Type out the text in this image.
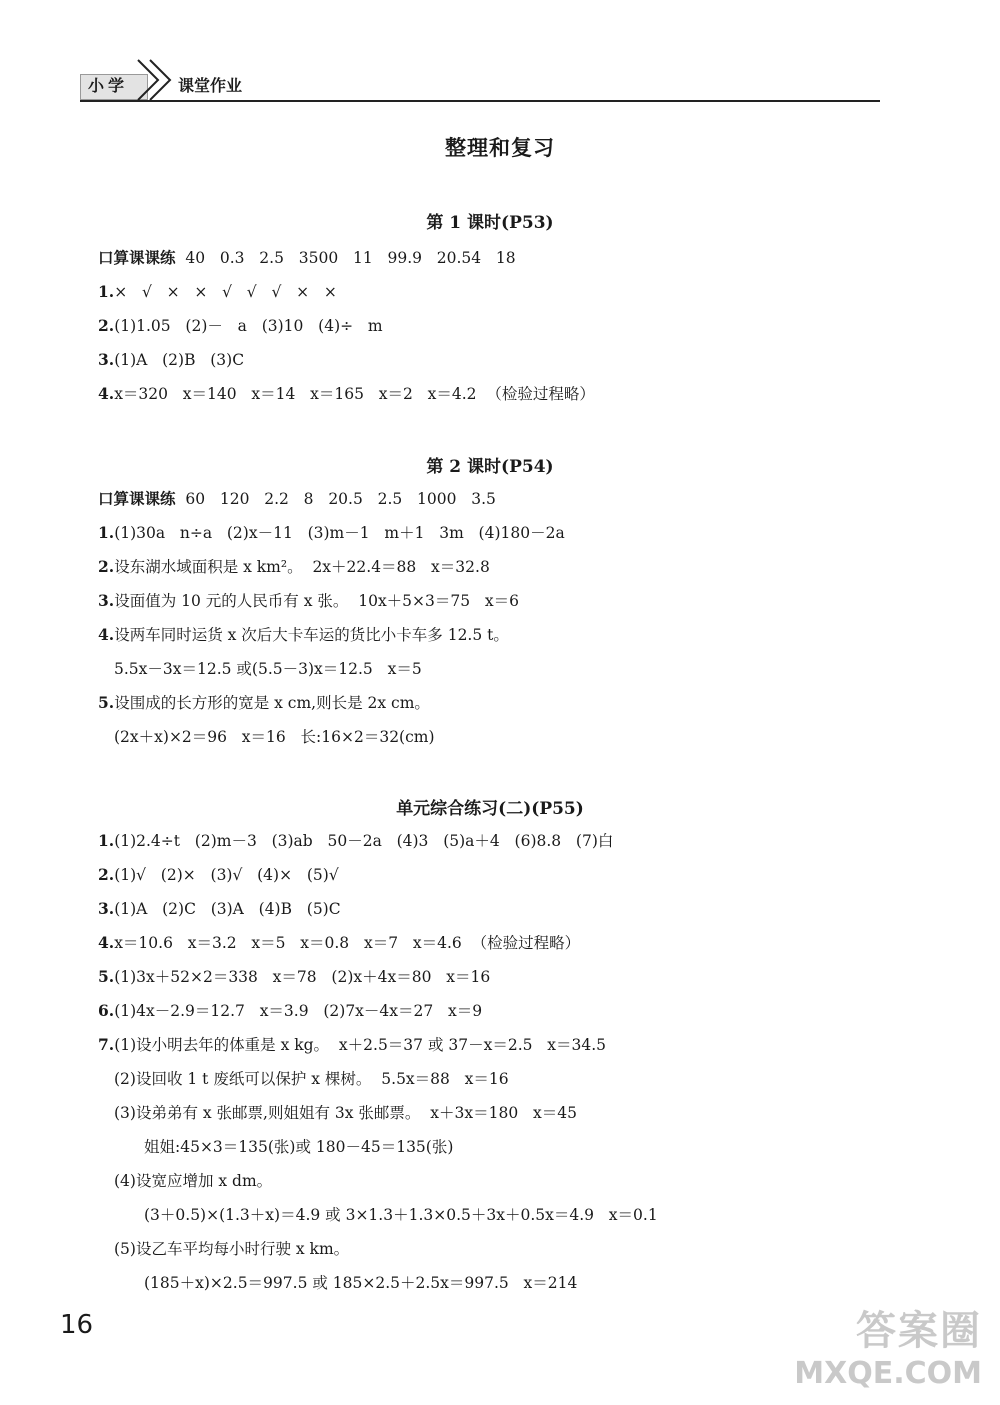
小学	课堂作业
整理和复习
第 1 课时(P53)
口算课课练  40   0.3   2.5   3500   11   99.9   20.54   18
1.×   √   ×   ×   √   √   √   ×   ×
2.(1)1.05   (2)－   a   (3)10   (4)÷   m
3.(1)A   (2)B   (3)C
4.x＝320   x＝140   x＝14   x＝165   x＝2   x＝4.2  （检验过程略）
第 2 课时(P54)
口算课课练  60   120   2.2   8   20.5   2.5   1000   3.5
1.(1)30a   n÷a   (2)x－11   (3)m－1   m＋1   3m   (4)180－2a
2.设东湖水域面积是 x km²。  2x＋22.4＝88   x＝32.8
3.设面值为 10 元的人民币有 x 张。  10x＋5×3＝75   x＝6
4.设两车同时运货 x 次后大卡车运的货比小卡车多 12.5 t。
5.5x－3x＝12.5 或(5.5－3)x＝12.5   x＝5
5.设围成的长方形的宽是 x cm,则长是 2x cm。
(2x＋x)×2＝96   x＝16   长:16×2＝32(cm)
单元综合练习(二)(P55)
1.(1)2.4÷t   (2)m－3   (3)ab   50－2a   (4)3   (5)a＋4   (6)8.8   (7)白
2.(1)√   (2)×   (3)√   (4)×   (5)√
3.(1)A   (2)C   (3)A   (4)B   (5)C
4.x＝10.6   x＝3.2   x＝5   x＝0.8   x＝7   x＝4.6  （检验过程略）
5.(1)3x＋52×2＝338   x＝78   (2)x＋4x＝80   x＝16
6.(1)4x－2.9＝12.7   x＝3.9   (2)7x－4x＝27   x＝9
7.(1)设小明去年的体重是 x kg。  x＋2.5＝37 或 37－x＝2.5   x＝34.5
(2)设回收 1 t 废纸可以保护 x 棵树。  5.5x＝88   x＝16
(3)设弟弟有 x 张邮票,则姐姐有 3x 张邮票。  x＋3x＝180   x＝45
姐姐:45×3＝135(张)或 180－45＝135(张)
(4)设宽应增加 x dm。
(3＋0.5)×(1.3＋x)＝4.9 或 3×1.3＋1.3×0.5＋3x＋0.5x＝4.9   x＝0.1
(5)设乙车平均每小时行驶 x km。
(185＋x)×2.5＝997.5 或 185×2.5＋2.5x＝997.5   x＝214
16	答案圈
MXQE.COM
